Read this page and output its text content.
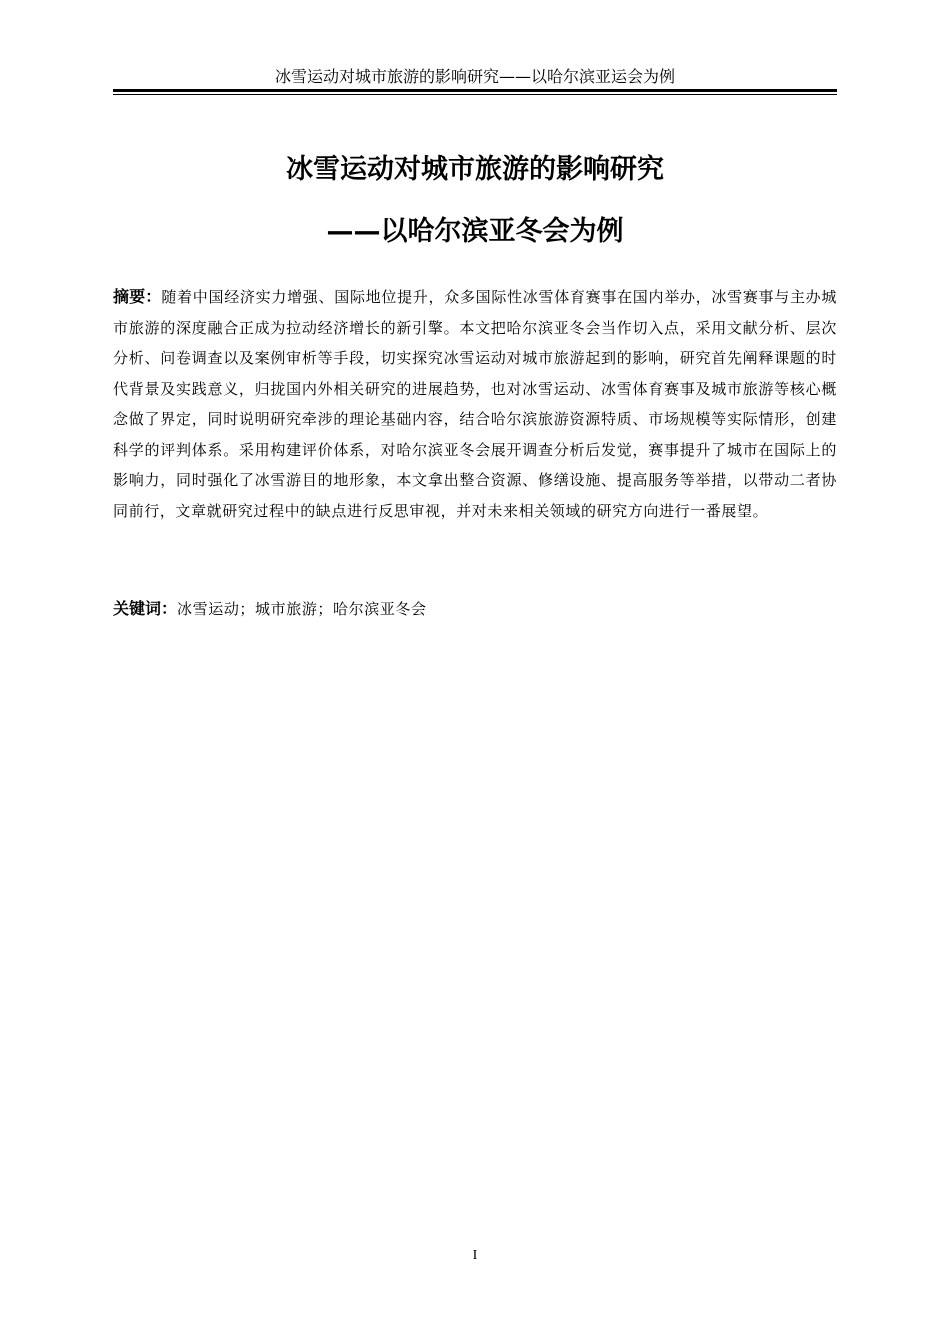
冰雪运动对城市旅游的影响研究——以哈尔滨亚运会为例
冰雪运动对城市旅游的影响研究
——以哈尔滨亚冬会为例
摘要：随着中国经济实力增强、国际地位提升，众多国际性冰雪体育赛事在国内举办，冰雪赛事与主办城市旅游的深度融合正成为拉动经济增长的新引擎。本文把哈尔滨亚冬会当作切入点，采用文献分析、层次分析、问卷调查以及案例审析等手段，切实探究冰雪运动对城市旅游起到的影响，研究首先阐释课题的时代背景及实践意义，归拢国内外相关研究的进展趋势，也对冰雪运动、冰雪体育赛事及城市旅游等核心概念做了界定，同时说明研究牵涉的理论基础内容，结合哈尔滨旅游资源特质、市场规模等实际情形，创建科学的评判体系。采用构建评价体系，对哈尔滨亚冬会展开调查分析后发觉，赛事提升了城市在国际上的影响力，同时强化了冰雪游目的地形象，本文拿出整合资源、修缮设施、提高服务等举措，以带动二者协同前行，文章就研究过程中的缺点进行反思审视，并对未来相关领域的研究方向进行一番展望。
关键词：冰雪运动；城市旅游；哈尔滨亚冬会
I
